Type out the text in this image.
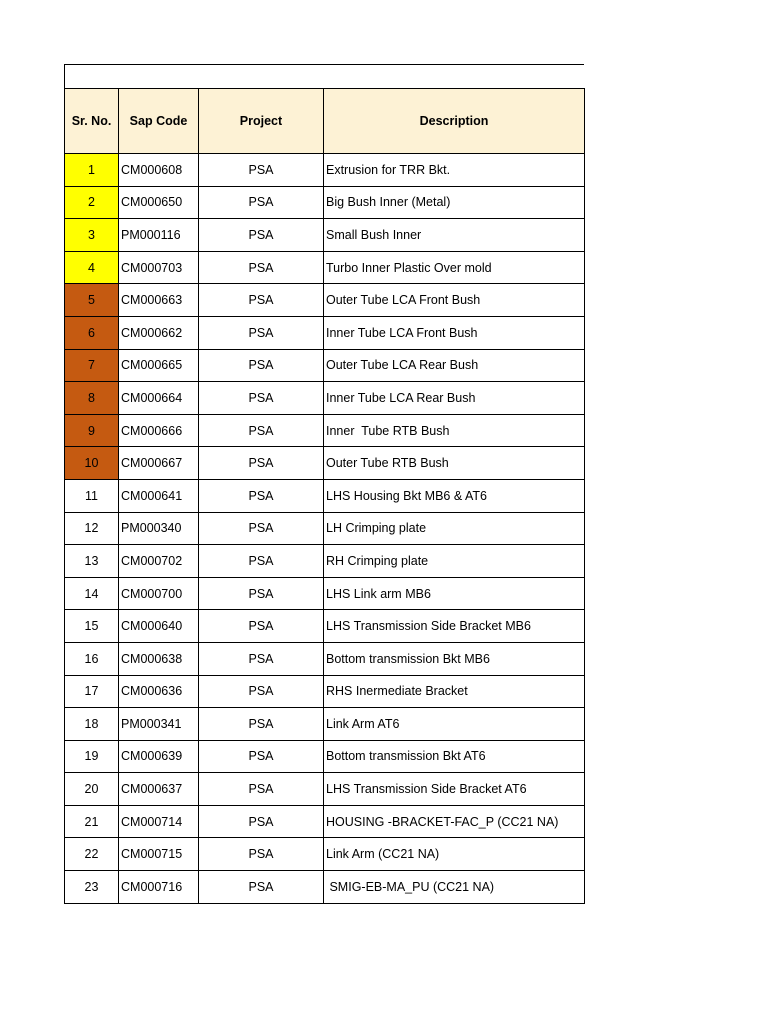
Sr. No.	Sap Code	Project	Description
1	CM000608	PSA	Extrusion for TRR Bkt.
2	CM000650	PSA	Big Bush Inner (Metal)
3	PM000116	PSA	Small Bush Inner
4	CM000703	PSA	Turbo Inner Plastic Over mold
5	CM000663	PSA	Outer Tube LCA Front Bush
6	CM000662	PSA	Inner Tube LCA Front Bush
7	CM000665	PSA	Outer Tube LCA Rear Bush
8	CM000664	PSA	Inner Tube LCA Rear Bush
9	CM000666	PSA	Inner  Tube RTB Bush
10	CM000667	PSA	Outer Tube RTB Bush
11	CM000641	PSA	LHS Housing Bkt MB6 & AT6
12	PM000340	PSA	LH Crimping plate
13	CM000702	PSA	RH Crimping plate
14	CM000700	PSA	LHS Link arm MB6
15	CM000640	PSA	LHS Transmission Side Bracket MB6
16	CM000638	PSA	Bottom transmission Bkt MB6
17	CM000636	PSA	RHS Inermediate Bracket
18	PM000341	PSA	Link Arm AT6
19	CM000639	PSA	Bottom transmission Bkt AT6
20	CM000637	PSA	LHS Transmission Side Bracket AT6
21	CM000714	PSA	HOUSING -BRACKET-FAC_P (CC21 NA)
22	CM000715	PSA	Link Arm (CC21 NA)
23	CM000716	PSA	SMIG-EB-MA_PU (CC21 NA)
